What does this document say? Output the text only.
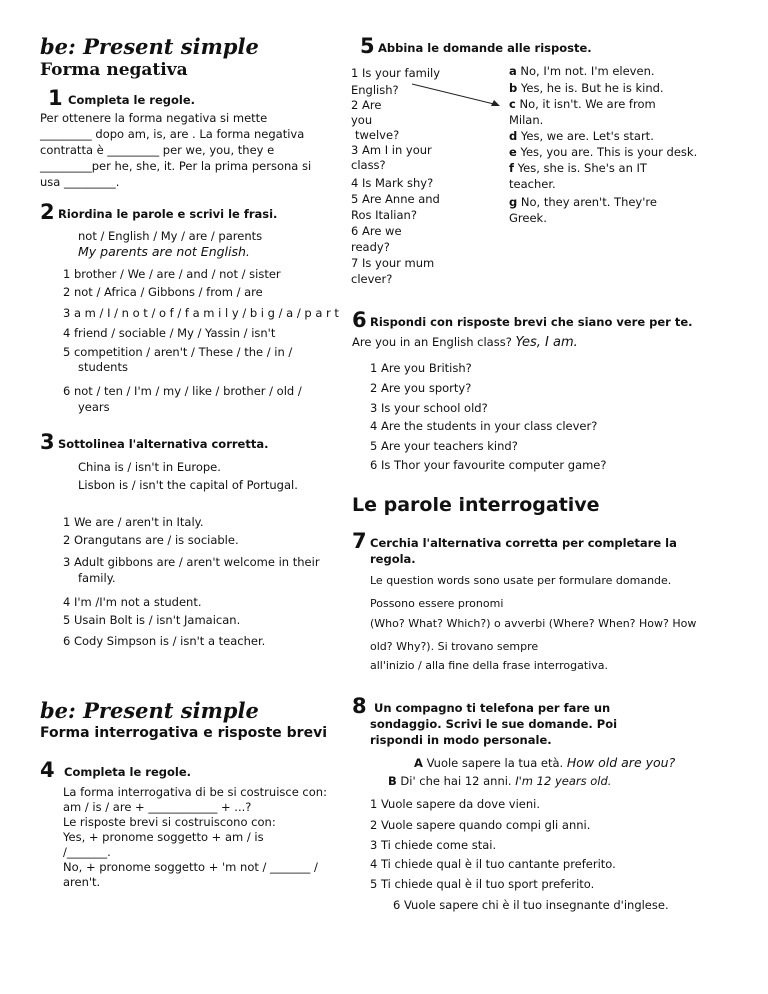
be: Present simple
Forma negativa
1 Completa le regole.
Per ottenere la forma negativa si mette
_________ dopo am, is, are . La forma negativa
contratta è _________ per we, you, they e
_________per he, she, it. Per la prima persona si
usa _________.
2 Riordina le parole e scrivi le frasi.
not / English / My / are / parents
My parents are not English.
1 brother / We / are / and / not / sister
2 not / Africa / Gibbons / from / are
3 a m / I / n o t / o f / f a m i l y / b i g / a / p a r t
4 friend / sociable / My / Yassin / isn't
5 competition / aren't / These / the / in /
students
6 not / ten / I'm / my / like / brother / old /
years
3 Sottolinea l'alternativa corretta.
China is / isn't in Europe.
Lisbon is / isn't the capital of Portugal.
1 We are / aren't in Italy.
2 Orangutans are / is sociable.
3 Adult gibbons are / aren't welcome in their
family.
4 I'm /I'm not a student.
5 Usain Bolt is / isn't Jamaican.
6 Cody Simpson is / isn't a teacher.
be: Present simple
Forma interrogativa e risposte brevi
4 Completa le regole.
La forma interrogativa di be si costruisce con:
am / is / are + ____________ + ...?
Le risposte brevi si costruiscono con:
Yes, + pronome soggetto + am / is
/_______.
No, + pronome soggetto + 'm not / _______ /
aren't.
5 Abbina le domande alle risposte.
1 Is your family
English?
2 Are
you
twelve?
3 Am I in your
class?
4 Is Mark shy?
5 Are Anne and
Ros Italian?
6 Are we
ready?
7 Is your mum
clever?
a No, I'm not. I'm eleven.
b Yes, he is. But he is kind.
c No, it isn't. We are from
Milan.
d Yes, we are. Let's start.
e Yes, you are. This is your desk.
f Yes, she is. She's an IT
teacher.
g No, they aren't. They're
Greek.
6 Rispondi con risposte brevi che siano vere per te.
Are you in an English class? Yes, I am.
1 Are you British?
2 Are you sporty?
3 Is your school old?
4 Are the students in your class clever?
5 Are your teachers kind?
6 Is Thor your favourite computer game?
Le parole interrogative
7 Cerchia l'alternativa corretta per completare la
regola.
Le question words sono usate per formulare domande.
Possono essere pronomi
(Who? What? Which?) o avverbi (Where? When? How? How
old? Why?). Si trovano sempre
all'inizio / alla fine della frase interrogativa.
8 Un compagno ti telefona per fare un
sondaggio. Scrivi le sue domande. Poi
rispondi in modo personale.
A Vuole sapere la tua età. How old are you?
B Di' che hai 12 anni. I'm 12 years old.
1 Vuole sapere da dove vieni.
2 Vuole sapere quando compi gli anni.
3 Ti chiede come stai.
4 Ti chiede qual è il tuo cantante preferito.
5 Ti chiede qual è il tuo sport preferito.
6 Vuole sapere chi è il tuo insegnante d'inglese.
